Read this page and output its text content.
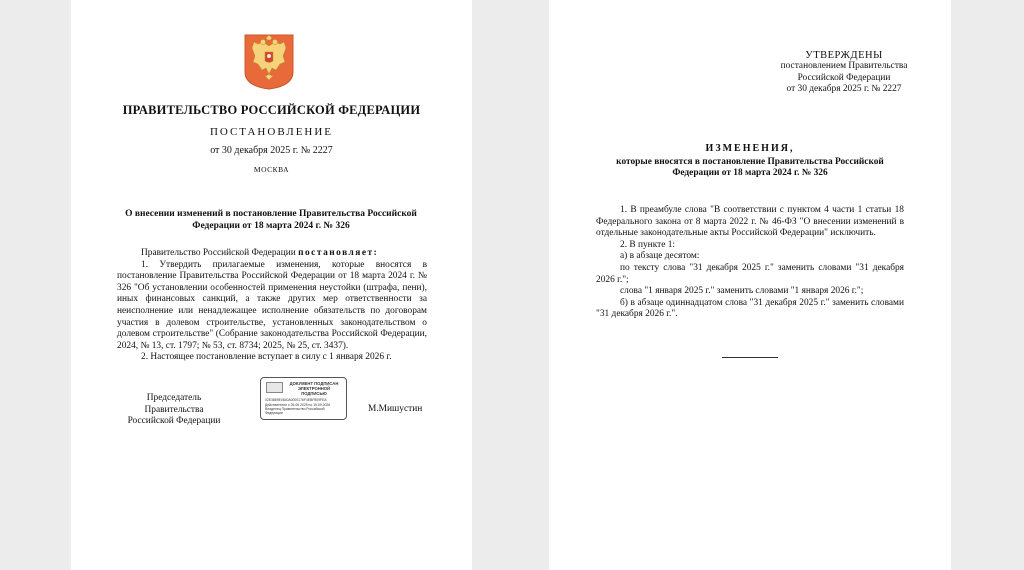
ПРАВИТЕЛЬСТВО РОССИЙСКОЙ ФЕДЕРАЦИИ
ПОСТАНОВЛЕНИЕ
от 30 декабря 2025 г. № 2227
МОСКВА
О внесении изменений в постановление Правительства Российской Федерации от 18 марта 2024 г. № 326

Правительство Российской Федерации постановляет:

1. Утвердить прилагаемые изменения, которые вносятся в постановление Правительства Российской Федерации от 18 марта 2024 г. № 326 "Об установлении особенностей применения неустойки (штрафа, пени), иных финансовых санкций, а также других мер ответственности за неисполнение или ненадлежащее исполнение обязательств по договорам участия в долевом строительстве, установленных законодательством о долевом строительстве" (Собрание законодательства Российской Федерации, 2024, № 13, ст. 1797; № 53, ст. 8734; 2025, № 25, ст. 3437).

2. Настоящее постановление вступает в силу с 1 января 2026 г.

Председатель Правительства
Российской Федерации
ДОКУМЕНТ ПОДПИСАН ЭЛЕКТРОННОЙ ПОДПИСЬЮ
02E3889E0640A0000176F4EBF809FEA
Действителен с 26.06.2025 по 19.09.2026
Владелец Правительство Российской
Федерации	М.Мишустин
УТВЕРЖДЕНЫ
постановлением Правительства
Российской Федерации
от 30 декабря 2025 г. № 2227
ИЗМЕНЕНИЯ,
которые вносятся в постановление Правительства Российской Федерации от 18 марта 2024 г. № 326

1. В преамбуле слова "В соответствии с пунктом 4 части 1 статьи 18 Федерального закона от 8 марта 2022 г. № 46-ФЗ "О внесении изменений в отдельные законодательные акты Российской Федерации" исключить.

2. В пункте 1:

а) в абзаце десятом:

по тексту слова "31 декабря 2025 г." заменить словами "31 декабря 2026 г.";

слова "1 января 2025 г." заменить словами "1 января 2026 г.";

б) в абзаце одиннадцатом слова "31 декабря 2025 г." заменить словами "31 декабря 2026 г.".
